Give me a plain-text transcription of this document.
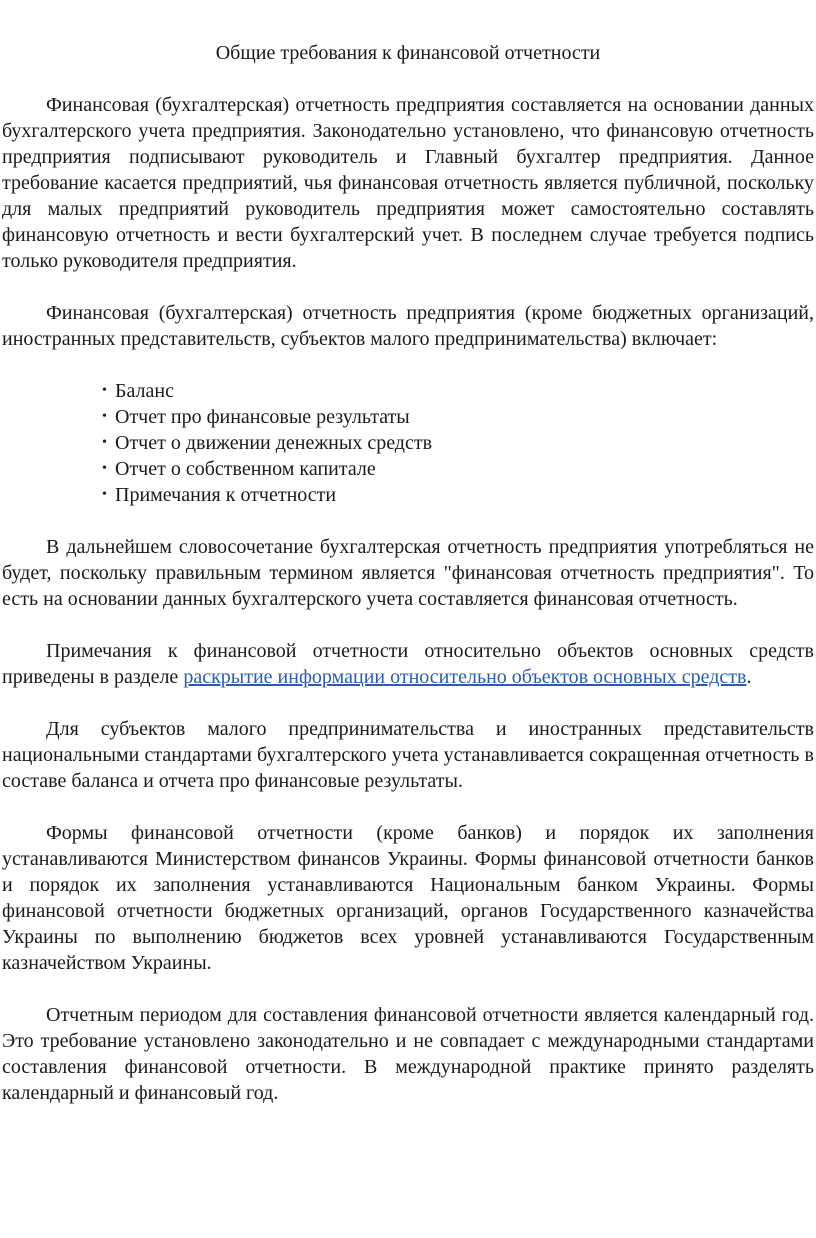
Общие требования к финансовой отчетности

Финансовая (бухгалтерская) отчетность предприятия составляется на основании данных бухгалтерского учета предприятия. Законодательно установлено, что финансовую отчетность предприятия подписывают руководитель и Главный бухгалтер предприятия. Данное требование касается предприятий, чья финансовая отчетность является публичной, поскольку для малых предприятий руководитель предприятия может самостоятельно составлять финансовую отчетность и вести бухгалтерский учет. В последнем случае требуется подпись только руководителя предприятия.

Финансовая (бухгалтерская) отчетность предприятия (кроме бюджетных организаций, иностранных представительств, субъектов малого предпринимательства) включает:

• Баланс
• Отчет про финансовые результаты
• Отчет о движении денежных средств
• Отчет о собственном капитале
• Примечания к отчетности

В дальнейшем словосочетание бухгалтерская отчетность предприятия употребляться не будет, поскольку правильным термином является "финансовая отчетность предприятия". То есть на основании данных бухгалтерского учета составляется финансовая отчетность.

Примечания к финансовой отчетности относительно объектов основных средств приведены в разделе раскрытие информации относительно объектов основных средств.

Для субъектов малого предпринимательства и иностранных представительств национальными стандартами бухгалтерского учета устанавливается сокращенная отчетность в составе баланса и отчета про финансовые результаты.

Формы финансовой отчетности (кроме банков) и порядок их заполнения устанавливаются Министерством финансов Украины. Формы финансовой отчетности банков и порядок их заполнения устанавливаются Национальным банком Украины. Формы финансовой отчетности бюджетных организаций, органов Государственного казначейства Украины по выполнению бюджетов всех уровней устанавливаются Государственным казначейством Украины.

Отчетным периодом для составления финансовой отчетности является календарный год. Это требование установлено законодательно и не совпадает с международными стандартами составления финансовой отчетности. В международной практике принято разделять календарный и финансовый год.
